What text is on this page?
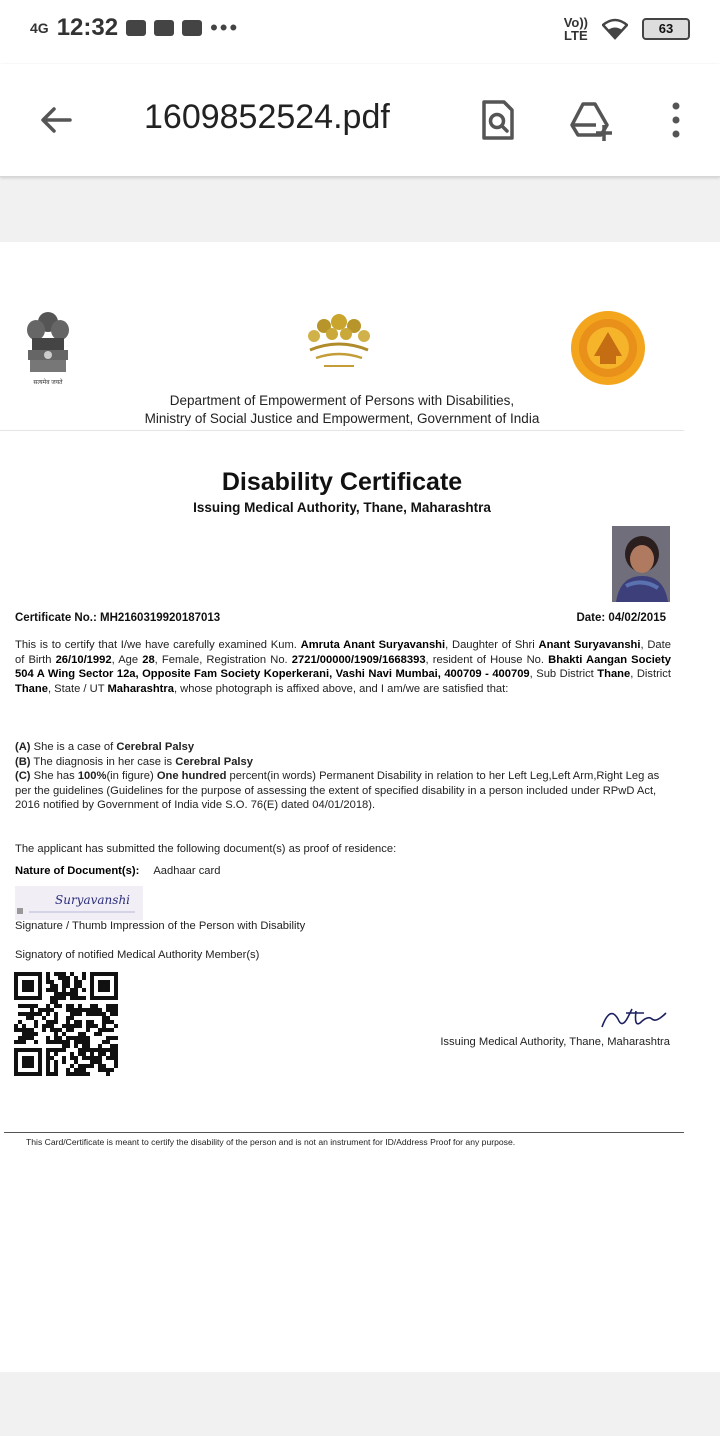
4G 12:32	•••	Vo))
LTE	63
1609852524.pdf
सत्यमेव जयते
Department of Empowerment of Persons with Disabilities,
Ministry of Social Justice and Empowerment, Government of India
Disability Certificate
Issuing Medical Authority, Thane, Maharashtra
Certificate No.: MH2160319920187013	Date: 04/02/2015
This is to certify that I/we have carefully examined Kum. Amruta Anant Suryavanshi, Daughter of Shri Anant Suryavanshi, Date of Birth 26/10/1992, Age 28, Female, Registration No. 2721/00000/1909/1668393, resident of House No. Bhakti Aangan Society 504 A Wing Sector 12a, Opposite Fam Society Koperkerani, Vashi Navi Mumbai, 400709 - 400709, Sub District Thane, District Thane, State / UT Maharashtra, whose photograph is affixed above, and I am/we are satisfied that:
(A) She is a case of Cerebral Palsy
(B) The diagnosis in her case is Cerebral Palsy
(C) She has 100%(in figure) One hundred percent(in words) Permanent Disability in relation to her Left Leg,Left Arm,Right Leg as per the guidelines (Guidelines for the purpose of assessing the extent of specified disability in a person included under RPwD Act, 2016 notified by Government of India vide S.O. 76(E) dated 04/01/2018).
The applicant has submitted the following document(s) as proof of residence:
Nature of Document(s): Aadhaar card
Suryavanshi
Signature / Thumb Impression of the Person with Disability
Signatory of notified Medical Authority Member(s)
Issuing Medical Authority, Thane, Maharashtra
This Card/Certificate is meant to certify the disability of the person and is not an instrument for ID/Address Proof for any purpose.
